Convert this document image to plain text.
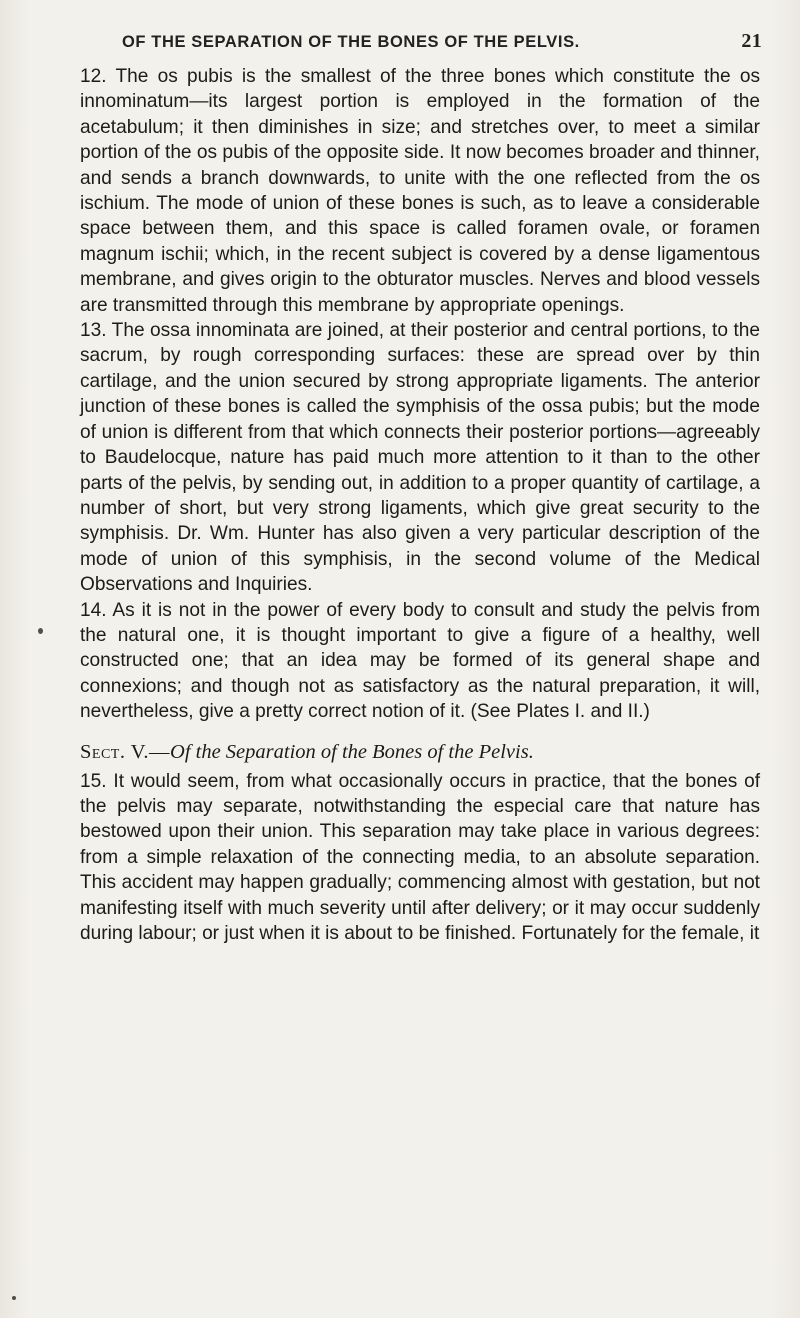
OF THE SEPARATION OF THE BONES OF THE PELVIS.	21

12. The os pubis is the smallest of the three bones which constitute the os innominatum—its largest portion is employed in the formation of the acetabulum; it then diminishes in size; and stretches over, to meet a similar portion of the os pubis of the opposite side. It now becomes broader and thinner, and sends a branch downwards, to unite with the one reflected from the os ischium. The mode of union of these bones is such, as to leave a considerable space between them, and this space is called foramen ovale, or foramen magnum ischii; which, in the recent subject is covered by a dense ligamentous membrane, and gives origin to the obturator muscles. Nerves and blood vessels are transmitted through this membrane by appropriate openings.

13. The ossa innominata are joined, at their posterior and central portions, to the sacrum, by rough corresponding surfaces: these are spread over by thin cartilage, and the union secured by strong appropriate ligaments. The anterior junction of these bones is called the symphisis of the ossa pubis; but the mode of union is different from that which connects their posterior portions—agreeably to Baudelocque, nature has paid much more attention to it than to the other parts of the pelvis, by sending out, in addition to a proper quantity of cartilage, a number of short, but very strong ligaments, which give great security to the symphisis. Dr. Wm. Hunter has also given a very particular description of the mode of union of this symphisis, in the second volume of the Medical Observations and Inquiries.

14. As it is not in the power of every body to consult and study the pelvis from the natural one, it is thought important to give a figure of a healthy, well constructed one; that an idea may be formed of its general shape and connexions; and though not as satisfactory as the natural preparation, it will, nevertheless, give a pretty correct notion of it. (See Plates I. and II.)

Sect. V.—Of the Separation of the Bones of the Pelvis.

15. It would seem, from what occasionally occurs in practice, that the bones of the pelvis may separate, notwithstanding the especial care that nature has bestowed upon their union. This separation may take place in various degrees: from a simple relaxation of the connecting media, to an absolute separation. This accident may happen gradually; commencing almost with gestation, but not manifesting itself with much severity until after delivery; or it may occur suddenly during labour; or just when it is about to be finished. Fortunately for the female, it
